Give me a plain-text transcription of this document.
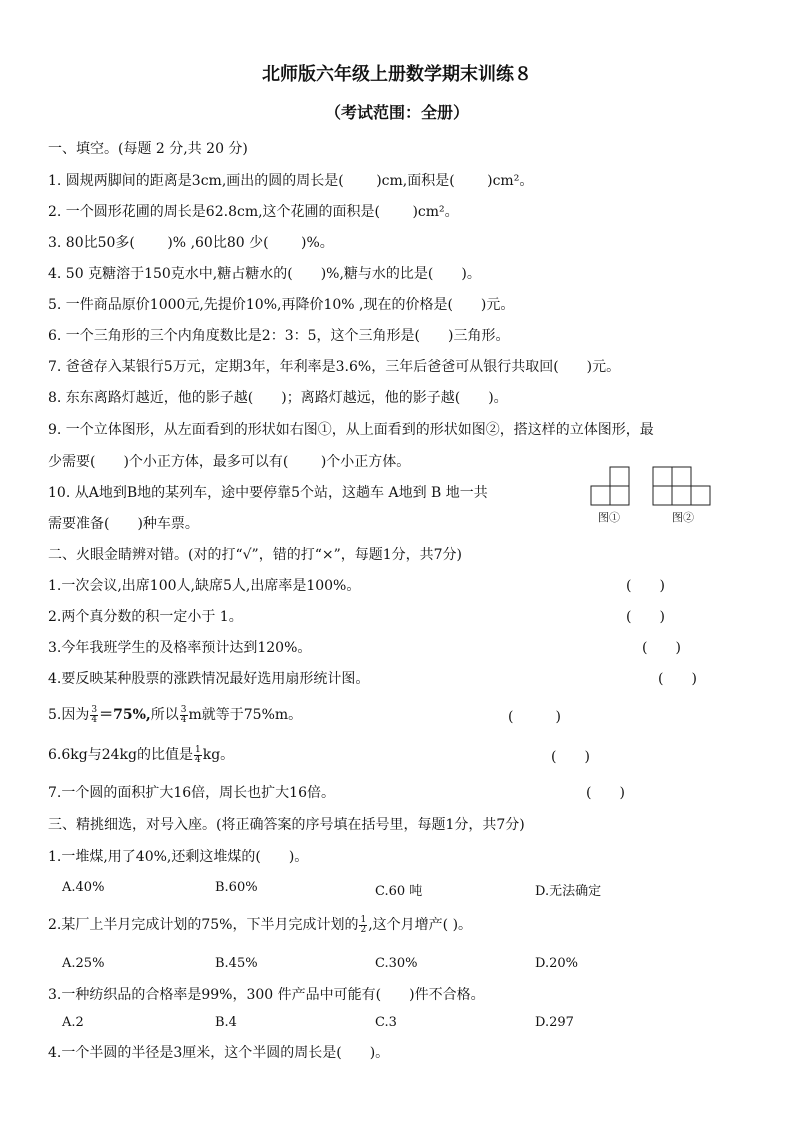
北师版六年级上册数学期末训练８
（考试范围：全册）
一、填空。(每题 2 分,共 20 分)
1. 圆规两脚间的距离是3cm,画出的圆的周长是(　　 )cm,面积是(　　 )cm²。
2. 一个圆形花圃的周长是62.8cm,这个花圃的面积是(　　 )cm²。
3. 80比50多(　　 )% ,60比80 少(　　 )%。
4. 50 克糖溶于150克水中,糖占糖水的(　　)%,糖与水的比是(　　)。
5. 一件商品原价1000元,先提价10%,再降价10% ,现在的价格是(　　)元。
6. 一个三角形的三个内角度数比是2：3：5，这个三角形是(　　)三角形。
7. 爸爸存入某银行5万元，定期3年，年利率是3.6%，三年后爸爸可从银行共取回(　　)元。
8. 东东离路灯越近，他的影子越(　　)；离路灯越远，他的影子越(　　)。
9. 一个立体图形，从左面看到的形状如右图①，从上面看到的形状如图②，搭这样的立体图形，最
少需要(　　)个小正方体，最多可以有(　　 )个小正方体。
10. 从A地到B地的某列车，途中要停靠5个站，这趟车 A地到 B 地一共
需要准备(　　)种车票。	图①	图②
二、火眼金睛辨对错。(对的打“√”，错的打“×”，每题1分，共7分)
1.一次会议,出席100人,缺席5人,出席率是100%。	(　　)
2.两个真分数的积一定小于 1。	(　　)
3.今年我班学生的及格率预计达到120%。	(　　)
4.要反映某种股票的涨跌情况最好选用扇形统计图。	(　　)
5.因为 $\frac{3}{4} =75\%$,所以 $\frac{3}{4}$ m就等于75%m。	(　　　)
6.6kg与24kg的比值是 $\frac{1}{4}$ kg。	(　　)
7.一个圆的面积扩大16倍，周长也扩大16倍。	(　　)
三、精挑细选，对号入座。(将正确答案的序号填在括号里，每题1分，共7分)
1.一堆煤,用了40%,还剩这堆煤的(　　)。
A.40%	B.60%	C.60 吨	D.无法确定
2.某厂上半月完成计划的75%，下半月完成计划的 $\frac{1}{2}$ ,这个月增产( )。
A.25%	B.45%	C.30%	D.20%
3.一种纺织品的合格率是99%，300 件产品中可能有(　　)件不合格。
A.2	B.4	C.3	D.297
4.一个半圆的半径是3厘米，这个半圆的周长是(　　)。
